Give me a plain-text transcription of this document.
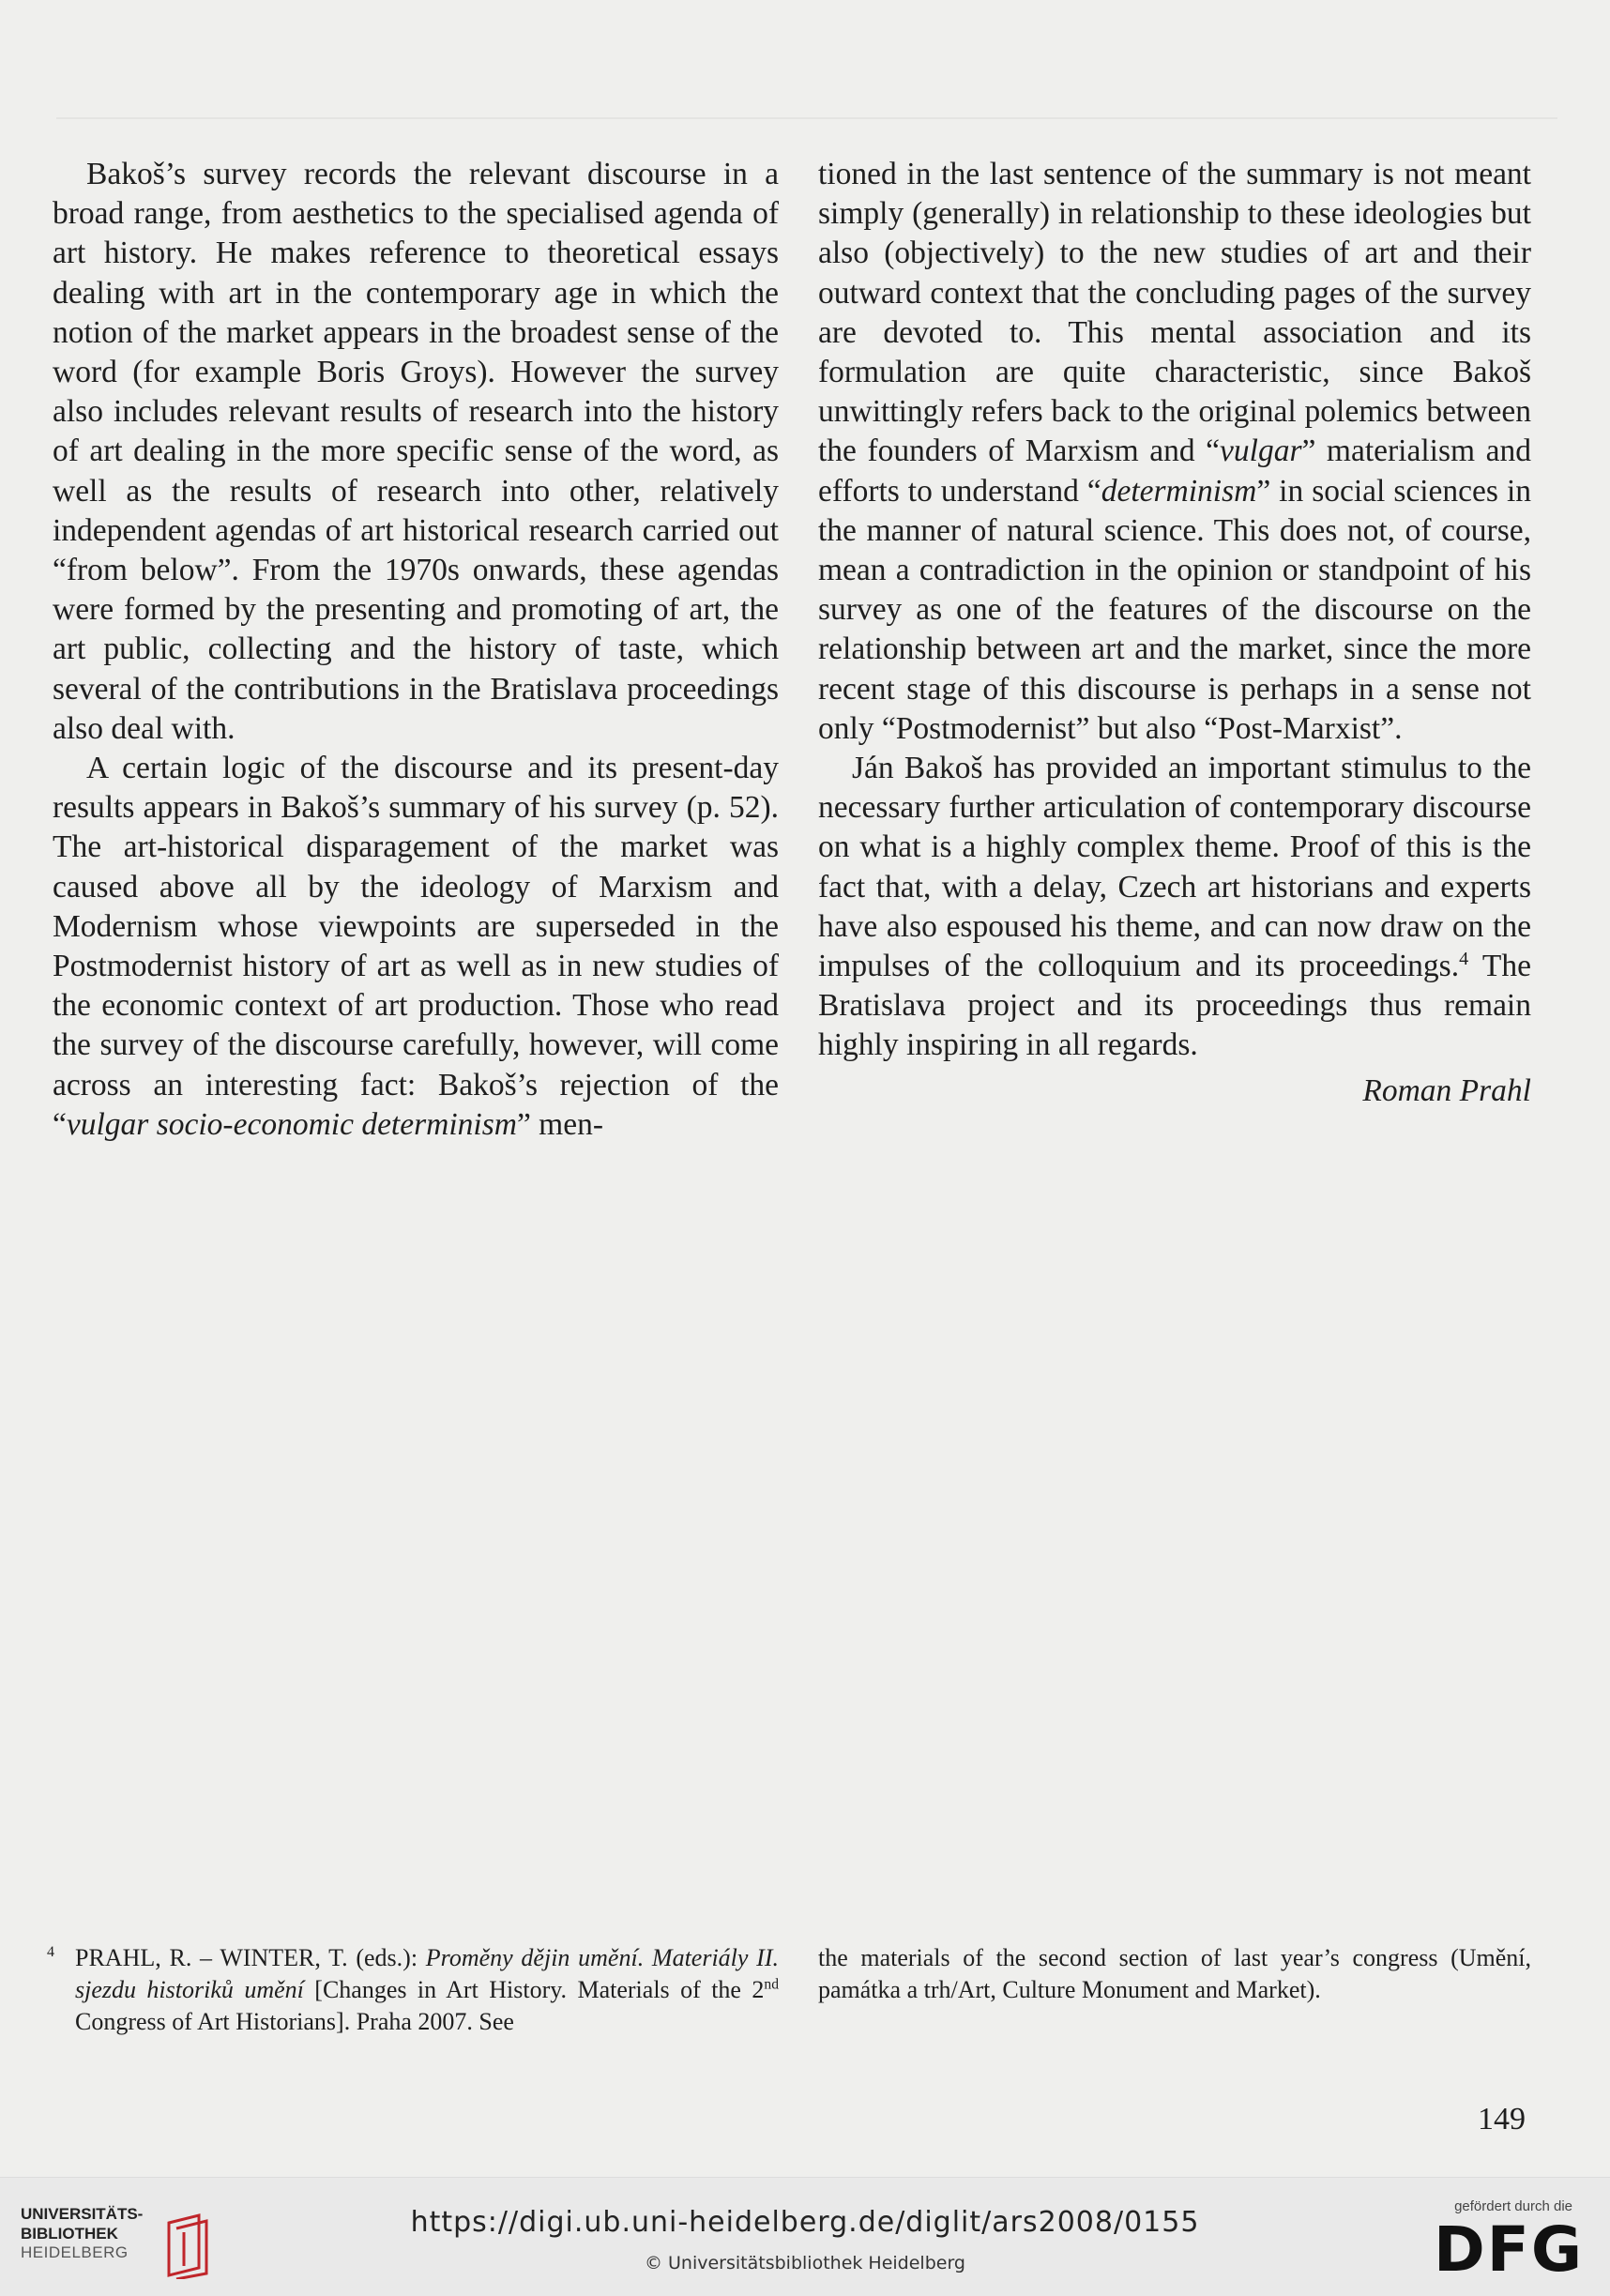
Bakoš’s survey records the relevant discourse in a broad range, from aesthetics to the specialised agenda of art history. He makes reference to theoretical essays dealing with art in the contemporary age in which the notion of the market appears in the broadest sense of the word (for example Boris Groys). However the survey also includes relevant results of research into the history of art dealing in the more specific sense of the word, as well as the results of research into other, relatively independent agendas of art historical research carried out “from below”. From the 1970s onwards, these agendas were formed by the presenting and promoting of art, the art public, collecting and the history of taste, which several of the contributions in the Bratislava proceedings also deal with.

A certain logic of the discourse and its present-day results appears in Bakoš’s summary of his survey (p. 52). The art-historical disparagement of the market was caused above all by the ideology of Marxism and Modernism whose viewpoints are superseded in the Postmodernist history of art as well as in new studies of the economic context of art production. Those who read the survey of the discourse carefully, however, will come across an interesting fact: Bakoš’s rejection of the “vulgar socio-economic determinism” men-

tioned in the last sentence of the summary is not meant simply (generally) in relationship to these ideologies but also (objectively) to the new studies of art and their outward context that the concluding pages of the survey are devoted to. This mental association and its formulation are quite characteristic, since Bakoš unwittingly refers back to the original polemics between the founders of Marxism and “vulgar” materialism and efforts to understand “determinism” in social sciences in the manner of natural science. This does not, of course, mean a contradiction in the opinion or standpoint of his survey as one of the features of the discourse on the relationship between art and the market, since the more recent stage of this discourse is perhaps in a sense not only “Postmodernist” but also “Post-Marxist”.

Ján Bakoš has provided an important stimulus to the necessary further articulation of contemporary discourse on what is a highly complex theme. Proof of this is the fact that, with a delay, Czech art historians and experts have also espoused his theme, and can now draw on the impulses of the colloquium and its proceedings.$^4$ The Bratislava project and its proceedings thus remain highly inspiring in all regards.

Roman Prahl
4 PRAHL, R. – WINTER, T. (eds.): Proměny dějin umění. Materiály II. sjezdu historiků umění [Changes in Art History. Materials of the 2nd Congress of Art Historians]. Praha 2007. See
the materials of the second section of last year’s congress (Umění, památka a trh/Art, Culture Monument and Market).
149
UNIVERSITÄTS-
BIBLIOTHEK
HEIDELBERG
https://digi.ub.uni-heidelberg.de/diglit/ars2008/0155
© Universitätsbibliothek Heidelberg
gefördert durch die
DFG
